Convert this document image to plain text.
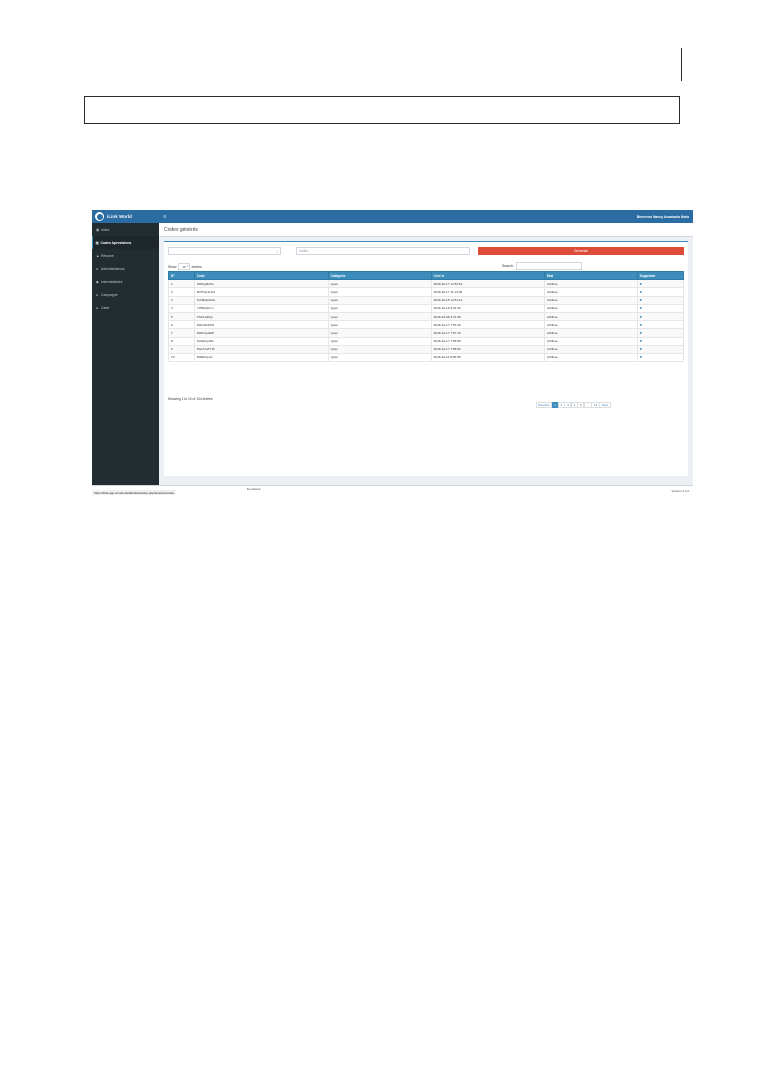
iLink World	☰	Bienvenu Nancy Anastasia Niala
▣ Index
▦ Codes Aprovisions
▲ Résumé
● Administrateurs
◆ Intermédiaires
● Campagne
● Carte
Codes générés
↕	codes	Generate
Show 10 ▾ entries	Search:
N°	Code	Catégorie	Crée le	Etat	Supprimer
1	tSDKg3kzfG	typec	2018-10-17 14:53:51	Attribué	■
2	6hfiTQc1Ud4	typec	2018-10-17 11:13:00	Attribué	■
3	TuN8dpwS3o	typec	2018-10-15 14:51:14	Attribué	■
4	nYBkUjKLm	typec	2018-10-18 2:01:20	Attribué	■
5	XS1FxjfbQj	typec	2018-10-08 3:31:36	Attribué	■
6	3WCaDS2XI	typec	2018-10-17 7:53:16	Attribué	■
7	0WbUqxE3F	typec	2018-10-17 7:57:15	Attribué	■
8	SwdkrIgnMe	typec	2018-10-17 7:58:00	Attribué	■
9	PGx47qTTfS	typec	2018-10-17 7:58:53	Attribué	■
10	9WEFrq1sc	typec	2018-10-11 8:08:08	Attribué	■
Showing 1 to 10 of 134 entries
Previous	1	2	3	4	5	…	14	Next
Version 2.4.0
En attente
https://ilink-app.com/horkoff/extiste/index.php/Gestion/codes
